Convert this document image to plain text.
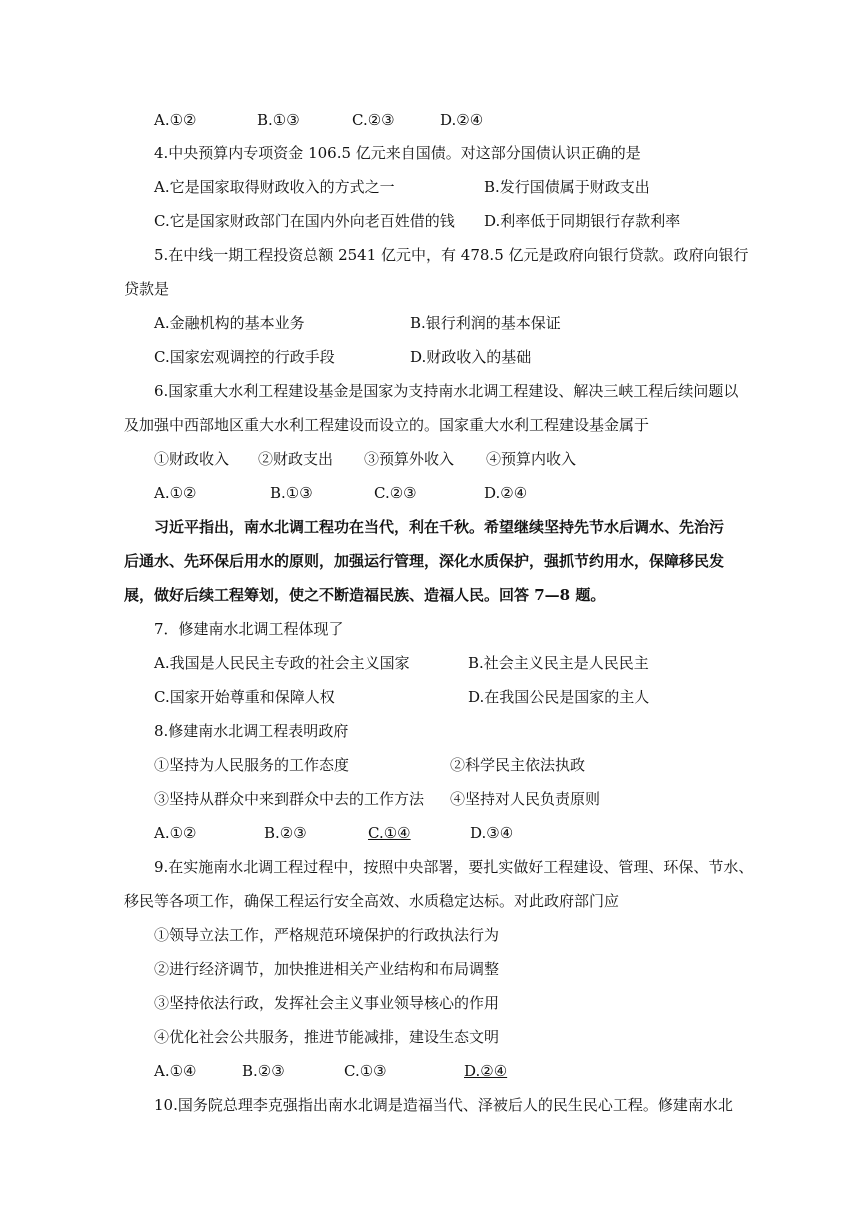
A.①②	B.①③	C.②③	D.②④
4.中央预算内专项资金 106.5 亿元来自国债。对这部分国债认识正确的是
A.它是国家取得财政收入的方式之一	B.发行国债属于财政支出
C.它是国家财政部门在国内外向老百姓借的钱 D.利率低于同期银行存款利率
5.在中线一期工程投资总额 2541 亿元中，有 478.5 亿元是政府向银行贷款。政府向银行
贷款是
A.金融机构的基本业务	B.银行利润的基本保证
C.国家宏观调控的行政手段	D.财政收入的基础
6.国家重大水利工程建设基金是国家为支持南水北调工程建设、解决三峡工程后续问题以
及加强中西部地区重大水利工程建设而设立的。国家重大水利工程建设基金属于
①财政收入 ②财政支出 ③预算外收入 ④预算内收入
A.①②	B.①③	C.②③	D.②④
习近平指出，南水北调工程功在当代，利在千秋。希望继续坚持先节水后调水、先治污
后通水、先环保后用水的原则，加强运行管理，深化水质保护，强抓节约用水，保障移民发
展，做好后续工程筹划，使之不断造福民族、造福人民。回答 7—8 题。
7．修建南水北调工程体现了
A.我国是人民民主专政的社会主义国家	B.社会主义民主是人民民主
C.国家开始尊重和保障人权	D.在我国公民是国家的主人
8.修建南水北调工程表明政府
①坚持为人民服务的工作态度	②科学民主依法执政
③坚持从群众中来到群众中去的工作方法 ④坚持对人民负责原则
A.①②	B.②③	C.①④	D.③④
9.在实施南水北调工程过程中，按照中央部署，要扎实做好工程建设、管理、环保、节水、
移民等各项工作，确保工程运行安全高效、水质稳定达标。对此政府部门应
①领导立法工作，严格规范环境保护的行政执法行为
②进行经济调节，加快推进相关产业结构和布局调整
③坚持依法行政，发挥社会主义事业领导核心的作用
④优化社会公共服务，推进节能减排，建设生态文明
A.①④	B.②③	C.①③	D.②④
10.国务院总理李克强指出南水北调是造福当代、泽被后人的民生民心工程。修建南水北
